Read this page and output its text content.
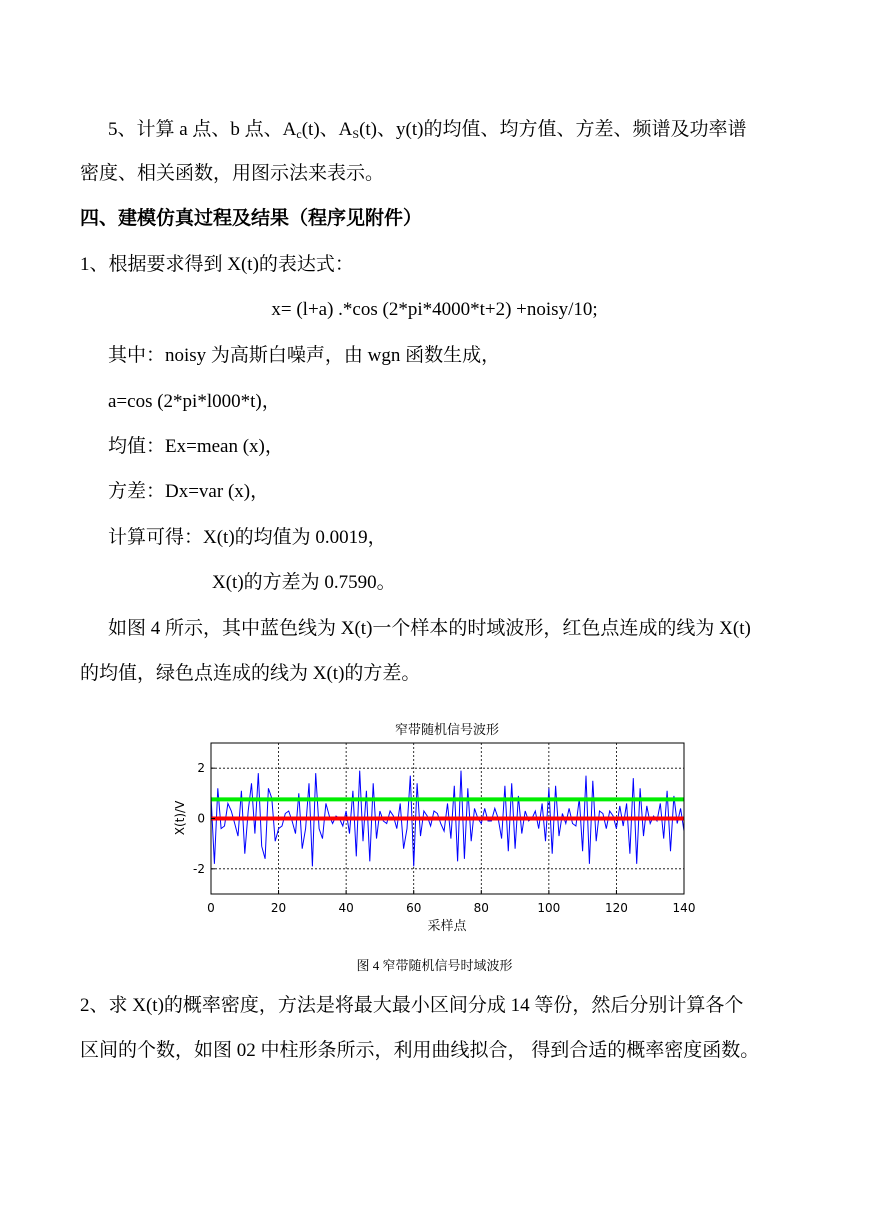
5、计算 a 点、b 点、$A_c(t)$、$A_S(t)$、y(t)的均值、均方值、方差、频谱及功率谱
密度、相关函数，用图示法来表示。
四、建模仿真过程及结果（程序见附件）
1、根据要求得到 X(t)的表达式：
x= (l+a) .*cos (2*pi*4000*t+2) +noisy/10;
其中：noisy 为高斯白噪声，由 wgn 函数生成，
a=cos (2*pi*l000*t)，
均值：Ex=mean (x)，
方差：Dx=var (x)，
计算可得：X(t)的均值为 0.0019，
X(t)的方差为 0.7590。
如图 4 所示，其中蓝色线为 X(t)一个样本的时域波形，红色点连成的线为 X(t)
的均值，绿色点连成的线为 X(t)的方差。
窄带随机信号波形
0	20	40	60	80	100	120	140
-2
0
2
采样点
X(t)/V
图 4 窄带随机信号时域波形
2、求 X(t)的概率密度，方法是将最大最小区间分成 14 等份，然后分别计算各个
区间的个数，如图 02 中柱形条所示，利用曲线拟合， 得到合适的概率密度函数。
